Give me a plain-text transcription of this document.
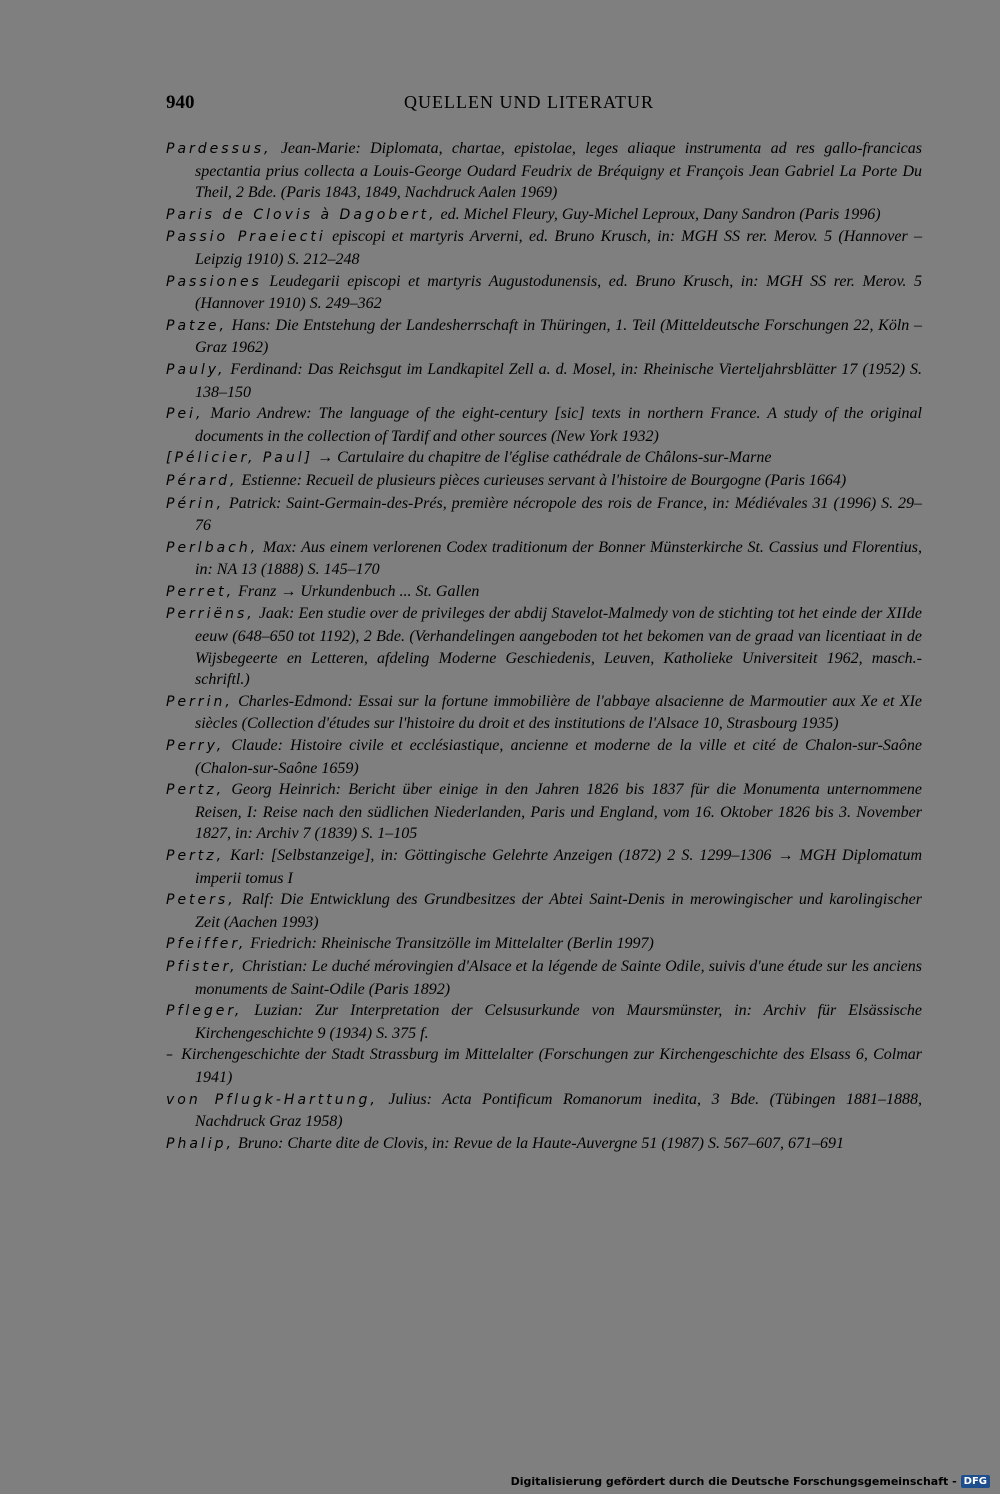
940	QUELLEN UND LITERATUR
Pardessus, Jean-Marie: Diplomata, chartae, epistolae, leges aliaque instrumenta ad res gallo-francicas spectantia prius collecta a Louis-George Oudard Feudrix de Bréquigny et François Jean Gabriel La Porte Du Theil, 2 Bde. (Paris 1843, 1849, Nachdruck Aalen 1969)
Paris de Clovis à Dagobert, ed. Michel Fleury, Guy-Michel Leproux, Dany Sandron (Paris 1996)
Passio Praeiecti episcopi et martyris Arverni, ed. Bruno Krusch, in: MGH SS rer. Merov. 5 (Hannover – Leipzig 1910) S. 212–248
Passiones Leudegarii episcopi et martyris Augustodunensis, ed. Bruno Krusch, in: MGH SS rer. Merov. 5 (Hannover 1910) S. 249–362
Patze, Hans: Die Entstehung der Landesherrschaft in Thüringen, 1. Teil (Mitteldeutsche Forschungen 22, Köln – Graz 1962)
Pauly, Ferdinand: Das Reichsgut im Landkapitel Zell a. d. Mosel, in: Rheinische Vierteljahrsblätter 17 (1952) S. 138–150
Pei, Mario Andrew: The language of the eight-century [sic] texts in northern France. A study of the original documents in the collection of Tardif and other sources (New York 1932)
[Pélicier, Paul] → Cartulaire du chapitre de l'église cathédrale de Châlons-sur-Marne
Pérard, Estienne: Recueil de plusieurs pièces curieuses servant à l'histoire de Bourgogne (Paris 1664)
Périn, Patrick: Saint-Germain-des-Prés, première nécropole des rois de France, in: Médiévales 31 (1996) S. 29–76
Perlbach, Max: Aus einem verlorenen Codex traditionum der Bonner Münsterkirche St. Cassius und Florentius, in: NA 13 (1888) S. 145–170
Perret, Franz → Urkundenbuch ... St. Gallen
Perriëns, Jaak: Een studie over de privileges der abdij Stavelot-Malmedy von de stichting tot het einde der XIIde eeuw (648–650 tot 1192), 2 Bde. (Verhandelingen aangeboden tot het bekomen van de graad van licentiaat in de Wijsbegeerte en Letteren, afdeling Moderne Geschiedenis, Leuven, Katholieke Universiteit 1962, masch.-schriftl.)
Perrin, Charles-Edmond: Essai sur la fortune immobilière de l'abbaye alsacienne de Marmoutier aux Xe et XIe siècles (Collection d'études sur l'histoire du droit et des institutions de l'Alsace 10, Strasbourg 1935)
Perry, Claude: Histoire civile et ecclésiastique, ancienne et moderne de la ville et cité de Chalon-sur-Saône (Chalon-sur-Saône 1659)
Pertz, Georg Heinrich: Bericht über einige in den Jahren 1826 bis 1837 für die Monumenta unternommene Reisen, I: Reise nach den südlichen Niederlanden, Paris und England, vom 16. Oktober 1826 bis 3. November 1827, in: Archiv 7 (1839) S. 1–105
Pertz, Karl: [Selbstanzeige], in: Göttingische Gelehrte Anzeigen (1872) 2 S. 1299–1306 → MGH Diplomatum imperii tomus I
Peters, Ralf: Die Entwicklung des Grundbesitzes der Abtei Saint-Denis in merowingischer und karolingischer Zeit (Aachen 1993)
Pfeiffer, Friedrich: Rheinische Transitzölle im Mittelalter (Berlin 1997)
Pfister, Christian: Le duché mérovingien d'Alsace et la légende de Sainte Odile, suivis d'une étude sur les anciens monuments de Saint-Odile (Paris 1892)
Pfleger, Luzian: Zur Interpretation der Celsusurkunde von Maursmünster, in: Archiv für Elsässische Kirchengeschichte 9 (1934) S. 375 f.
– Kirchengeschichte der Stadt Strassburg im Mittelalter (Forschungen zur Kirchengeschichte des Elsass 6, Colmar 1941)
von Pflugk-Harttung, Julius: Acta Pontificum Romanorum inedita, 3 Bde. (Tübingen 1881–1888, Nachdruck Graz 1958)
Phalip, Bruno: Charte dite de Clovis, in: Revue de la Haute-Auvergne 51 (1987) S. 567–607, 671–691
Digitalisierung gefördert durch die Deutsche Forschungsgemeinschaft - DFG
